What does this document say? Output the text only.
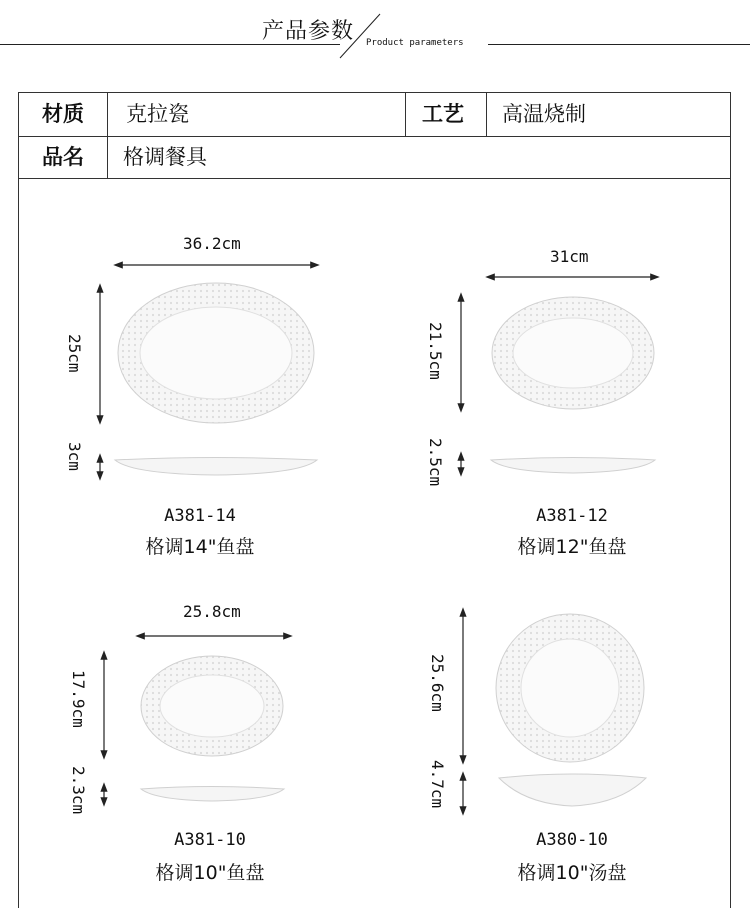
产品参数 Product parameters
材质 克拉瓷	工艺 高温烧制
品名 格调餐具
36.2cm
25cm
3cm
A381-14
格调14"鱼盘
31cm
21.5cm
2.5cm
A381-12
格调12"鱼盘
25.8cm
17.9cm
2.3cm
A381-10
格调10"鱼盘
25.6cm
4.7cm
A380-10
格调10"汤盘
